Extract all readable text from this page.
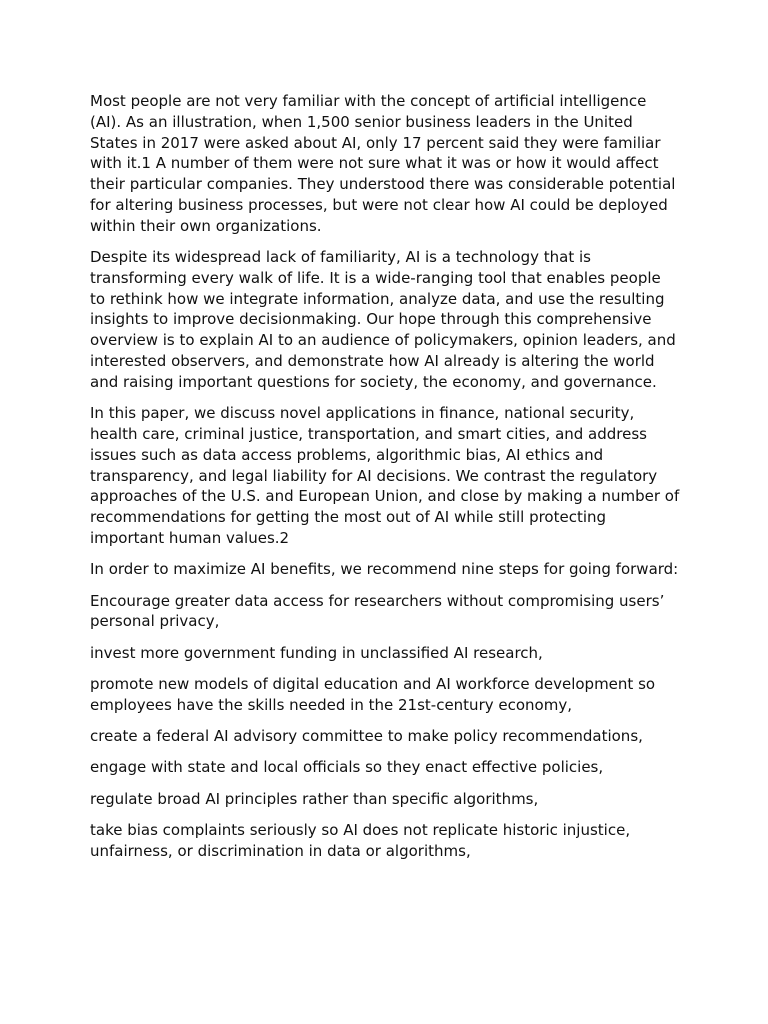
Most people are not very familiar with the concept of artificial intelligence (AI). As an illustration, when 1,500 senior business leaders in the United States in 2017 were asked about AI, only 17 percent said they were familiar with it.1 A number of them were not sure what it was or how it would affect their particular companies. They understood there was considerable potential for altering business processes, but were not clear how AI could be deployed within their own organizations.

Despite its widespread lack of familiarity, AI is a technology that is transforming every walk of life. It is a wide-ranging tool that enables people to rethink how we integrate information, analyze data, and use the resulting insights to improve decisionmaking. Our hope through this comprehensive overview is to explain AI to an audience of policymakers, opinion leaders, and interested observers, and demonstrate how AI already is altering the world and raising important questions for society, the economy, and governance.

In this paper, we discuss novel applications in finance, national security, health care, criminal justice, transportation, and smart cities, and address issues such as data access problems, algorithmic bias, AI ethics and transparency, and legal liability for AI decisions. We contrast the regulatory approaches of the U.S. and European Union, and close by making a number of recommendations for getting the most out of AI while still protecting important human values.2

In order to maximize AI benefits, we recommend nine steps for going forward:

Encourage greater data access for researchers without compromising users’ personal privacy,

invest more government funding in unclassified AI research,

promote new models of digital education and AI workforce development so employees have the skills needed in the 21st-century economy,

create a federal AI advisory committee to make policy recommendations,

engage with state and local officials so they enact effective policies,

regulate broad AI principles rather than specific algorithms,

take bias complaints seriously so AI does not replicate historic injustice, unfairness, or discrimination in data or algorithms,
